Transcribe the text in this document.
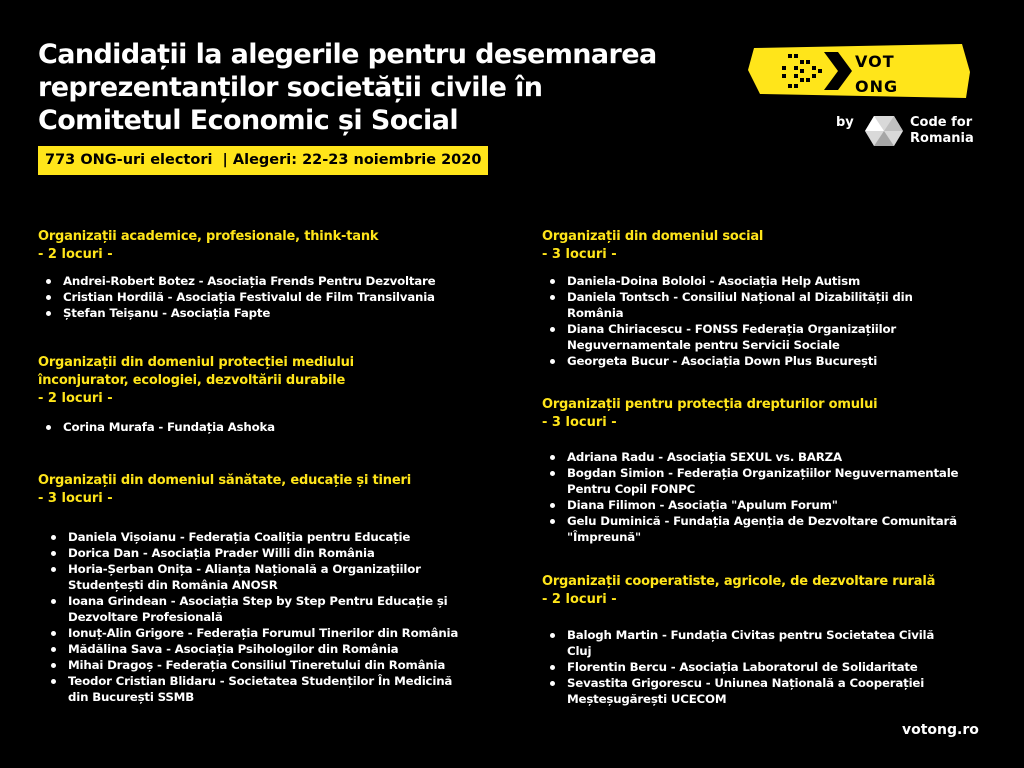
Candidații la alegerile pentru desemnarea
reprezentanților societății civile în
Comitetul Economic și Social
773 ONG-uri electori  | Alegeri: 22-23 noiembrie 2020
VOT
ONG
by	Code for
Romania
Organizații academice, profesionale, think-tank
- 2 locuri -
Andrei-Robert Botez - Asociația Frends Pentru Dezvoltare
Cristian Hordilă - Asociația Festivalul de Film Transilvania
Ștefan Teișanu - Asociația Fapte
Organizații din domeniul protecției mediului înconjurator, ecologiei, dezvoltării durabile
- 2 locuri -
Corina Murafa - Fundația Ashoka
Organizații din domeniul sănătate, educație și tineri
- 3 locuri -
Daniela Vișoianu - Federația Coaliția pentru Educație
Dorica Dan - Asociația Prader Willi din România
Horia-Șerban Onița - Alianța Națională a Organizațiilor Studențești din România ANOSR
Ioana Grindean - Asociația Step by Step Pentru Educație și Dezvoltare Profesională
Ionuț-Alin Grigore - Federația Forumul Tinerilor din România
Mădălina Sava - Asociația Psihologilor din România
Mihai Dragoș - Federația Consiliul Tineretului din România
Teodor Cristian Blidaru - Societatea Studenților În Medicină din București SSMB
Organizații din domeniul social
- 3 locuri -
Daniela-Doina Bololoi - Asociația Help Autism
Daniela Tontsch - Consiliul Național al Dizabilității din România
Diana Chiriacescu - FONSS Federația Organizațiilor Neguvernamentale pentru Servicii Sociale
Georgeta Bucur - Asociația Down Plus București
Organizații pentru protecția drepturilor omului
- 3 locuri -
Adriana Radu - Asociația SEXUL vs. BARZA
Bogdan Simion - Federația Organizațiilor Neguvernamentale Pentru Copil FONPC
Diana Filimon - Asociația "Apulum Forum"
Gelu Duminică - Fundația Agenția de Dezvoltare Comunitară "Împreună"
Organizații cooperatiste, agricole, de dezvoltare rurală
- 2 locuri -
Balogh Martin - Fundația Civitas pentru Societatea Civilă Cluj
Florentin Bercu - Asociația Laboratorul de Solidaritate
Sevastita Grigorescu - Uniunea Națională a Cooperației Meșteșugărești UCECOM
votong.ro
